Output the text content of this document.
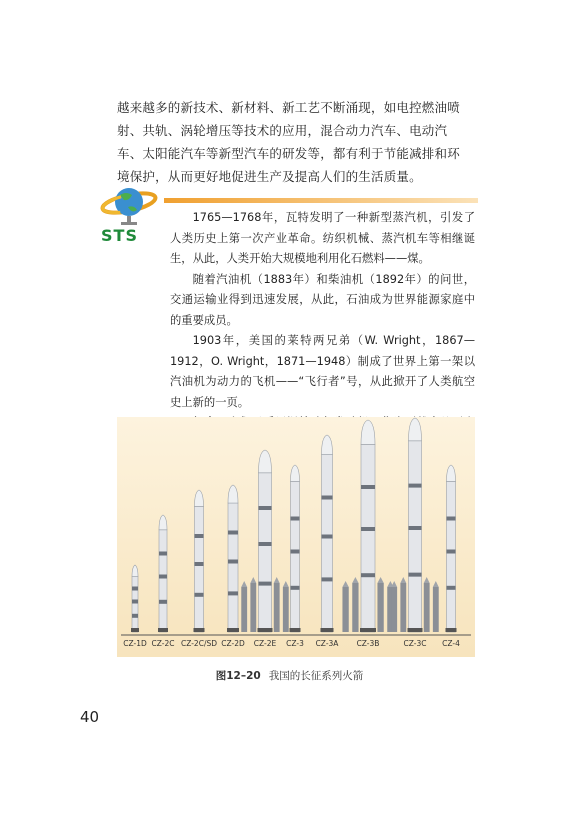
越来越多的新技术、新材料、新工艺不断涌现，如电控燃油喷射、共轨、涡轮增压等技术的应用，混合动力汽车、电动汽车、太阳能汽车等新型汽车的研发等，都有利于节能减排和环境保护，从而更好地促进生产及提高人们的生活质量。

STS

1765—1768年，瓦特发明了一种新型蒸汽机，引发了人类历史上第一次产业革命。纺织机械、蒸汽机车等相继诞生，从此，人类开始大规模地利用化石燃料——煤。

随着汽油机（1883年）和柴油机（1892年）的问世，交通运输业得到迅速发展，从此，石油成为世界能源家庭中的重要成员。

1903年，美国的莱特两兄弟（W. Wright，1867—1912，O. Wright，1871—1948）制成了世界上第一架以汽油机为动力的飞机——“飞行者”号，从此掀开了人类航空史上新的一页。

CZ-1D CZ-2C CZ-2C/SD CZ-2D CZ-2E CZ-3 CZ-3A CZ-3B	CZ-3C CZ-4
图12–20 我国的长征系列火箭
40
